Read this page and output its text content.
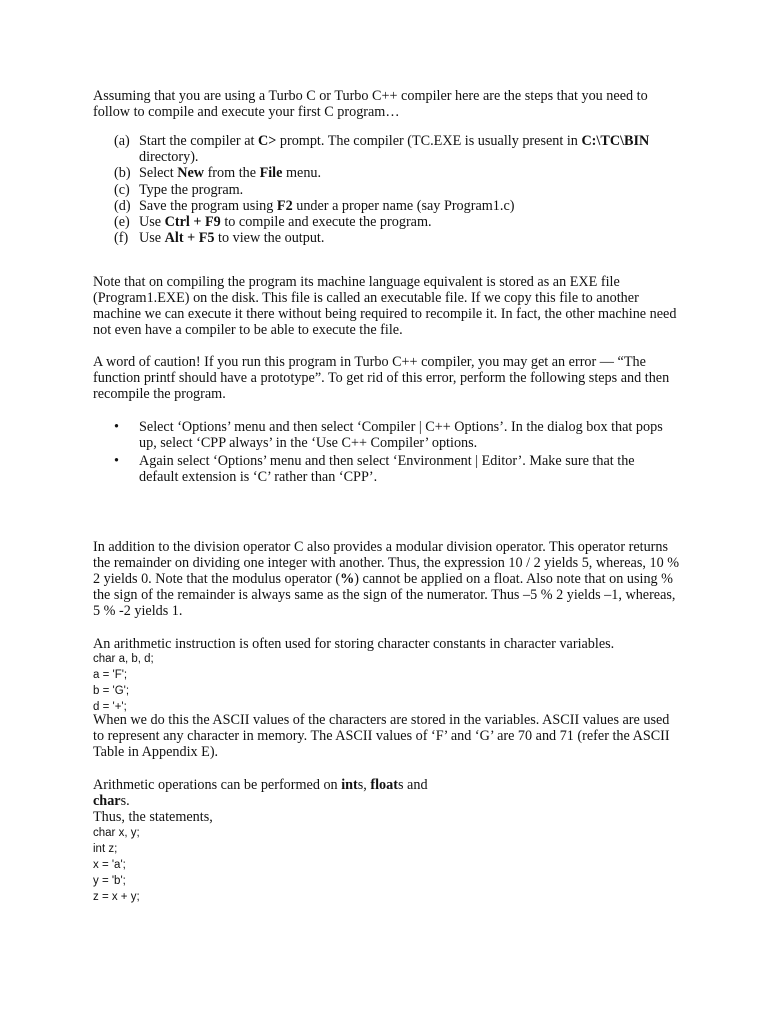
Assuming that you are using a Turbo C or Turbo C++ compiler here are the steps that you need to follow to compile and execute your first C program…
(a) Start the compiler at C> prompt. The compiler (TC.EXE is usually present in C:\TC\BIN directory).
(b) Select New from the File menu.
(c) Type the program.
(d) Save the program using F2 under a proper name (say Program1.c)
(e) Use Ctrl + F9 to compile and execute the program.
(f) Use Alt + F5 to view the output.
Note that on compiling the program its machine language equivalent is stored as an EXE file (Program1.EXE) on the disk. This file is called an executable file. If we copy this file to another machine we can execute it there without being required to recompile it. In fact, the other machine need not even have a compiler to be able to execute the file.
A word of caution! If you run this program in Turbo C++ compiler, you may get an error — “The function printf should have a prototype”. To get rid of this error, perform the following steps and then recompile the program.
•	Select ‘Options’ menu and then select ‘Compiler | C++ Options’. In the dialog box that pops up, select ‘CPP always’ in the ‘Use C++ Compiler’ options.
•	Again select ‘Options’ menu and then select ‘Environment | Editor’. Make sure that the default extension is ‘C’ rather than ‘CPP’.
In addition to the division operator C also provides a modular division operator. This operator returns the remainder on dividing one integer with another. Thus, the expression 10 / 2 yields 5, whereas, 10 % 2 yields 0. Note that the modulus operator (%) cannot be applied on a float. Also note that on using % the sign of the remainder is always same as the sign of the numerator. Thus –5 % 2 yields –1, whereas, 5 % -2 yields 1.
An arithmetic instruction is often used for storing character constants in character variables.
char a, b, d;
a = 'F';
b = 'G';
d = '+';
When we do this the ASCII values of the characters are stored in the variables. ASCII values are used to represent any character in memory. The ASCII values of ‘F’ and ‘G’ are 70 and 71 (refer the ASCII Table in Appendix E).
Arithmetic operations can be performed on ints, floats and
chars.
Thus, the statements,
char x, y;
int z;
x = 'a';
y = 'b';
z = x + y;
